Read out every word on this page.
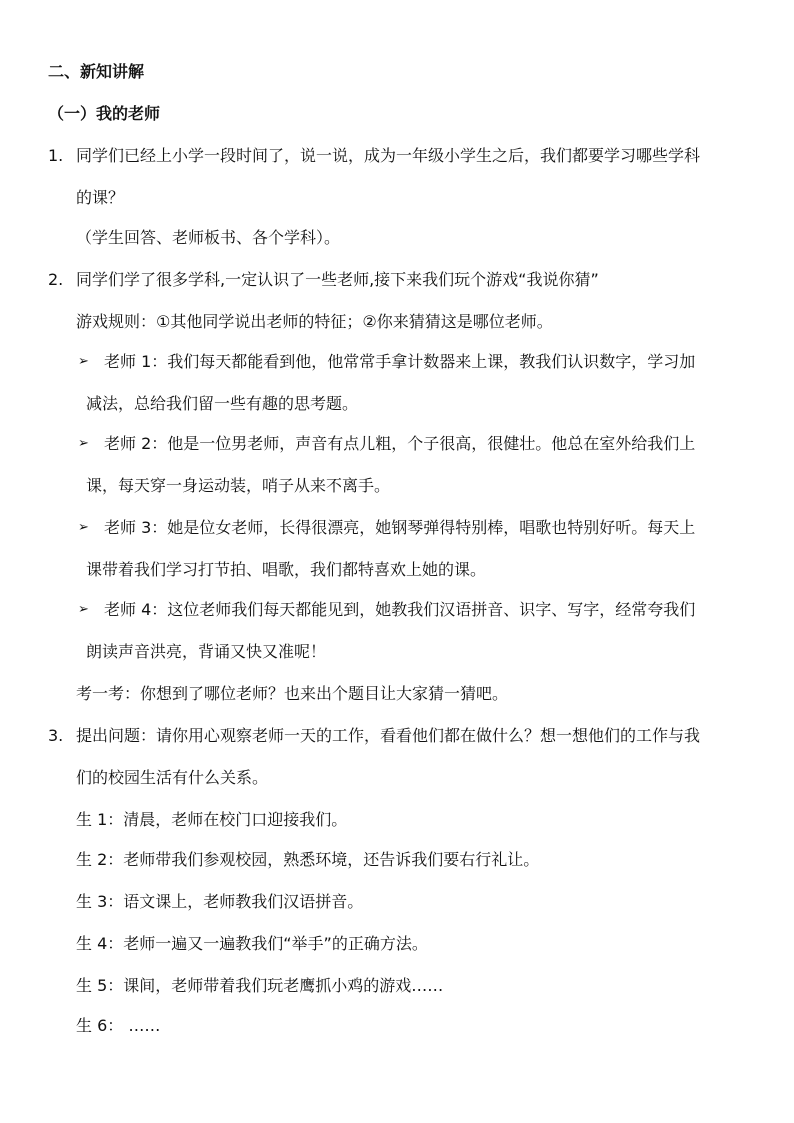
二、新知讲解
（一）我的老师
1. 同学们已经上小学一段时间了，说一说，成为一年级小学生之后，我们都要学习哪些学科
的课？
（学生回答、老师板书、各个学科）。
2. 同学们学了很多学科,一定认识了一些老师,接下来我们玩个游戏“我说你猜”
游戏规则：①其他同学说出老师的特征；②你来猜猜这是哪位老师。
➢ 老师 1：我们每天都能看到他，他常常手拿计数器来上课，教我们认识数字，学习加
减法，总给我们留一些有趣的思考题。
➢ 老师 2：他是一位男老师，声音有点儿粗，个子很高，很健壮。他总在室外给我们上
课，每天穿一身运动装，哨子从来不离手。
➢ 老师 3：她是位女老师，长得很漂亮，她钢琴弹得特别棒，唱歌也特别好听。每天上
课带着我们学习打节拍、唱歌，我们都特喜欢上她的课。
➢ 老师 4：这位老师我们每天都能见到，她教我们汉语拼音、识字、写字，经常夸我们
朗读声音洪亮，背诵又快又准呢！
考一考：你想到了哪位老师？也来出个题目让大家猜一猜吧。
3. 提出问题：请你用心观察老师一天的工作，看看他们都在做什么？想一想他们的工作与我
们的校园生活有什么关系。
生 1：清晨，老师在校门口迎接我们。
生 2：老师带我们参观校园，熟悉环境，还告诉我们要右行礼让。
生 3：语文课上，老师教我们汉语拼音。
生 4：老师一遍又一遍教我们“举手”的正确方法。
生 5：课间，老师带着我们玩老鹰抓小鸡的游戏……
生 6： ……
